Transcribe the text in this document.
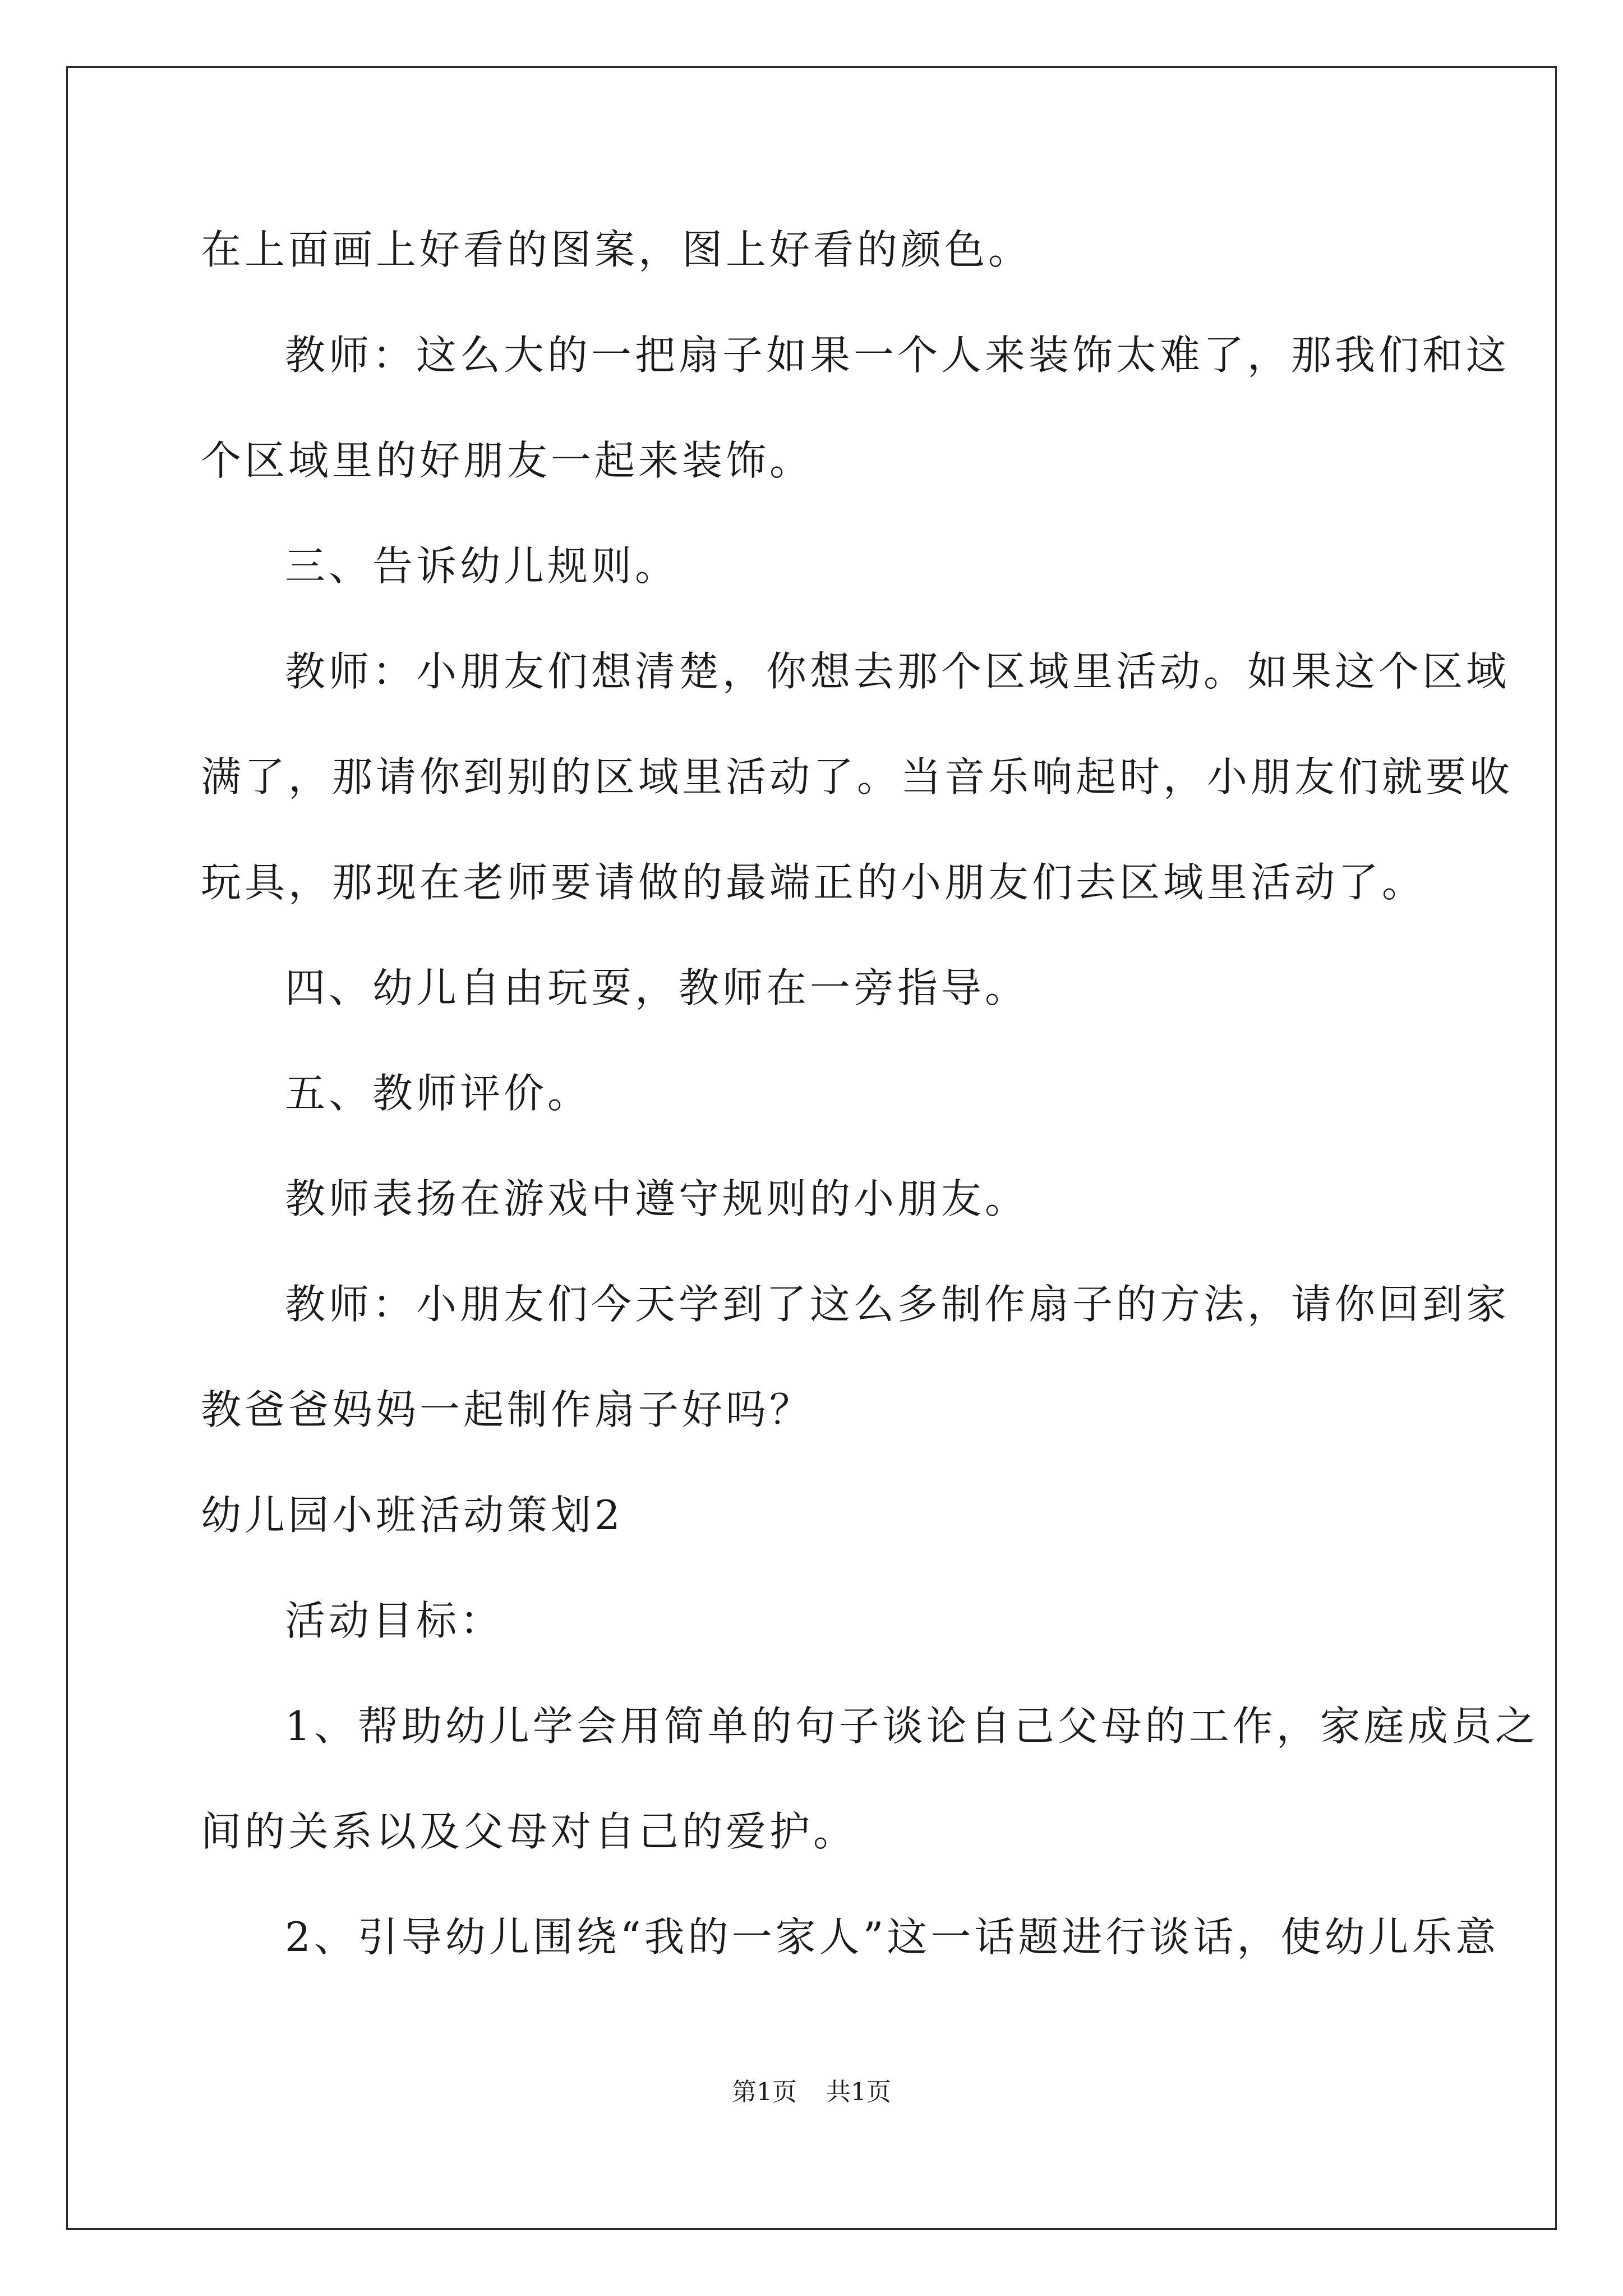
在上面画上好看的图案，图上好看的颜色。
教师：这么大的一把扇子如果一个人来装饰太难了，那我们和这
个区域里的好朋友一起来装饰。
三、告诉幼儿规则。
教师：小朋友们想清楚，你想去那个区域里活动。如果这个区域
满了，那请你到别的区域里活动了。当音乐响起时，小朋友们就要收
玩具，那现在老师要请做的最端正的小朋友们去区域里活动了。
四、幼儿自由玩耍，教师在一旁指导。
五、教师评价。
教师表扬在游戏中遵守规则的小朋友。
教师：小朋友们今天学到了这么多制作扇子的方法，请你回到家
教爸爸妈妈一起制作扇子好吗？
幼儿园小班活动策划2
活动目标：
1、帮助幼儿学会用简单的句子谈论自己父母的工作，家庭成员之
间的关系以及父母对自己的爱护。
2、引导幼儿围绕“我的一家人”这一话题进行谈话，使幼儿乐意
第1页 共1页
